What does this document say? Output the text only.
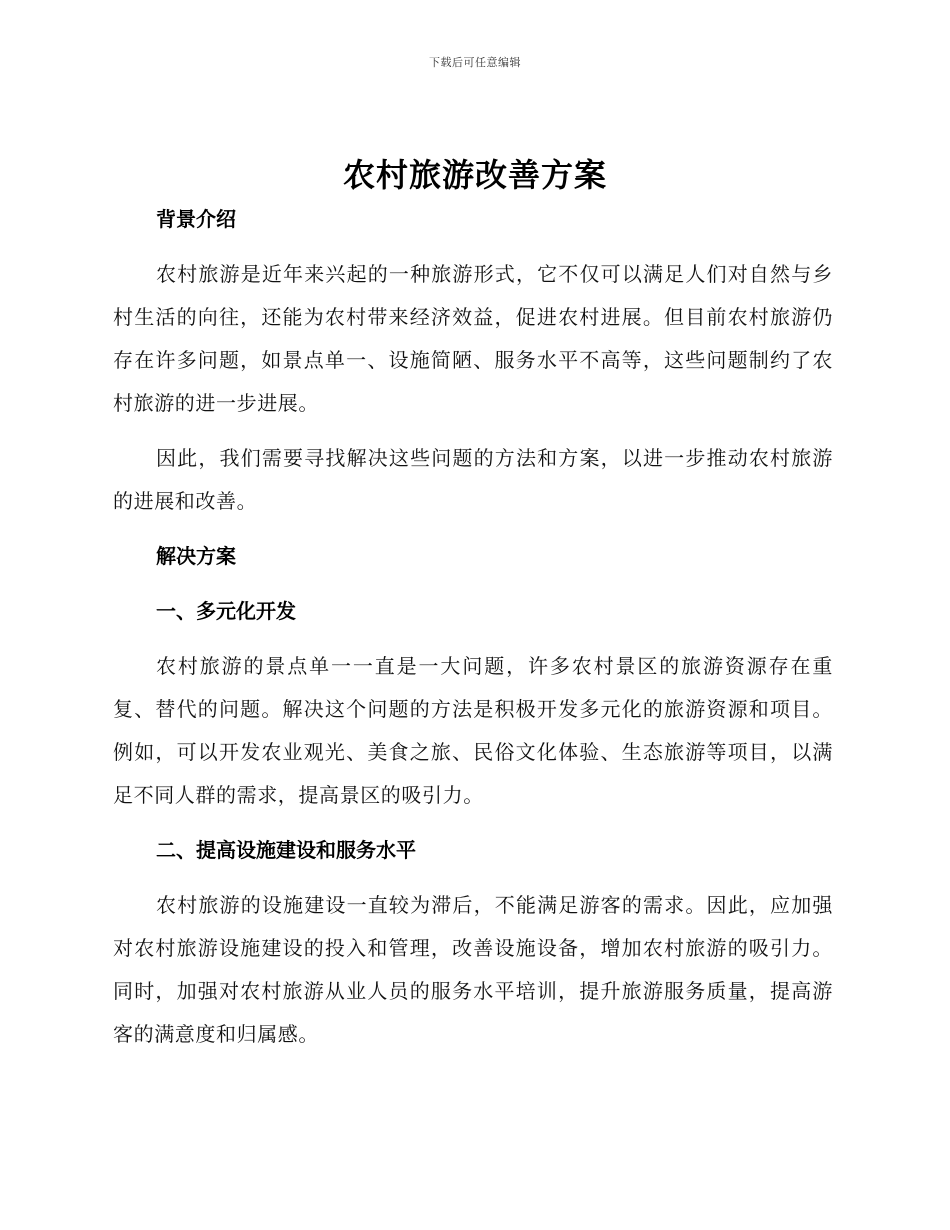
下载后可任意编辑
农村旅游改善方案
背景介绍

农村旅游是近年来兴起的一种旅游形式，它不仅可以满足人们对自然与乡村生活的向往，还能为农村带来经济效益，促进农村进展。但目前农村旅游仍存在许多问题，如景点单一、设施简陋、服务水平不高等，这些问题制约了农村旅游的进一步进展。

因此，我们需要寻找解决这些问题的方法和方案，以进一步推动农村旅游的进展和改善。

解决方案
一、多元化开发

农村旅游的景点单一一直是一大问题，许多农村景区的旅游资源存在重复、替代的问题。解决这个问题的方法是积极开发多元化的旅游资源和项目。例如，可以开发农业观光、美食之旅、民俗文化体验、生态旅游等项目，以满足不同人群的需求，提高景区的吸引力。

二、提高设施建设和服务水平

农村旅游的设施建设一直较为滞后，不能满足游客的需求。因此，应加强对农村旅游设施建设的投入和管理，改善设施设备，增加农村旅游的吸引力。同时，加强对农村旅游从业人员的服务水平培训，提升旅游服务质量，提高游客的满意度和归属感。
